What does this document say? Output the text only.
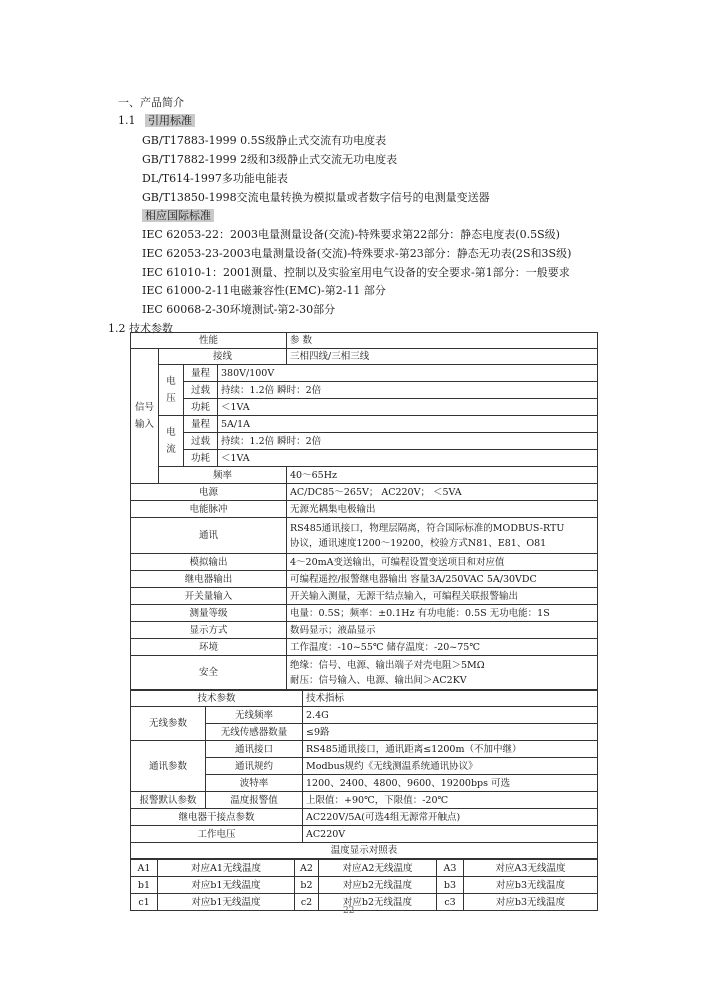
一、产品简介
1.1 引用标准
GB/T17883-1999 0.5S级静止式交流有功电度表
GB/T17882-1999 2级和3级静止式交流无功电度表
DL/T614-1997多功能电能表
GB/T13850-1998交流电量转换为模拟量或者数字信号的电测量变送器
相应国际标准
IEC 62053-22：2003电量测量设备(交流)-特殊要求第22部分：静态电度表(0.5S级)
IEC 62053-23-2003电量测量设备(交流)-特殊要求-第23部分：静态无功表(2S和3S级)
IEC 61010-1：2001测量、控制以及实验室用电气设备的安全要求-第1部分：一般要求
IEC 61000-2-11电磁兼容性(EMC)-第2-11 部分
IEC 60068-2-30环境测试-第2-30部分
1.2 技术参数
性能				参 数
信号输入	接线			三相四线/三相三线
	电压	量程	380V/100V	
		过载	持续：1.2倍 瞬时：2倍	
		功耗	＜1VA	
	电流	量程	5A/1A	
		过载	持续：1.2倍 瞬时：2倍	
		功耗	＜1VA	
	频率			40～65Hz
电源				AC/DC85～265V； AC220V； ＜5VA
电能脉冲				无源光耦集电极输出
通讯				RS485通讯接口，物理层隔离，符合国际标准的MODBUS-RTU
协议，通讯速度1200～19200，校验方式N81、E81、O81

模拟输出				4～20mA变送输出，可编程设置变送项目和对应值
继电器输出				可编程遥控/报警继电器输出 容量3A/250VAC 5A/30VDC
开关量输入				开关输入测量，无源干结点输入，可编程关联报警输出
测量等级				电量：0.5S；频率：±0.1Hz 有功电能：0.5S 无功电能：1S
显示方式				数码显示；液晶显示
环境				工作温度：-10~55℃ 储存温度：-20~75℃
安全				绝缘：信号、电源、输出端子对壳电阻＞5MΩ
耐压：信号输入、电源、输出间＞AC2KV
技术参数		技术指标
无线参数	无线频率	2.4G
	无线传感器数量	≤9路
通讯参数	通讯接口	RS485通讯接口，通讯距离≤1200m（不加中继）
	通讯规约	Modbus规约《无线测温系统通讯协议》
	波特率	1200、2400、4800、9600、19200bps 可选
报警默认参数	温度报警值	上限值：+90℃，下限值：-20℃
继电器干接点参数		AC220V/5A(可选4组无源常开触点)
工作电压		AC220V
温度显示对照表		
A1	对应A1无线温度	A2	对应A2无线温度	A3	对应A3无线温度
b1	对应b1无线温度	b2	对应b2无线温度	b3	对应b3无线温度
c1	对应b1无线温度	c2	对应b2无线温度	c3	对应b3无线温度
22
